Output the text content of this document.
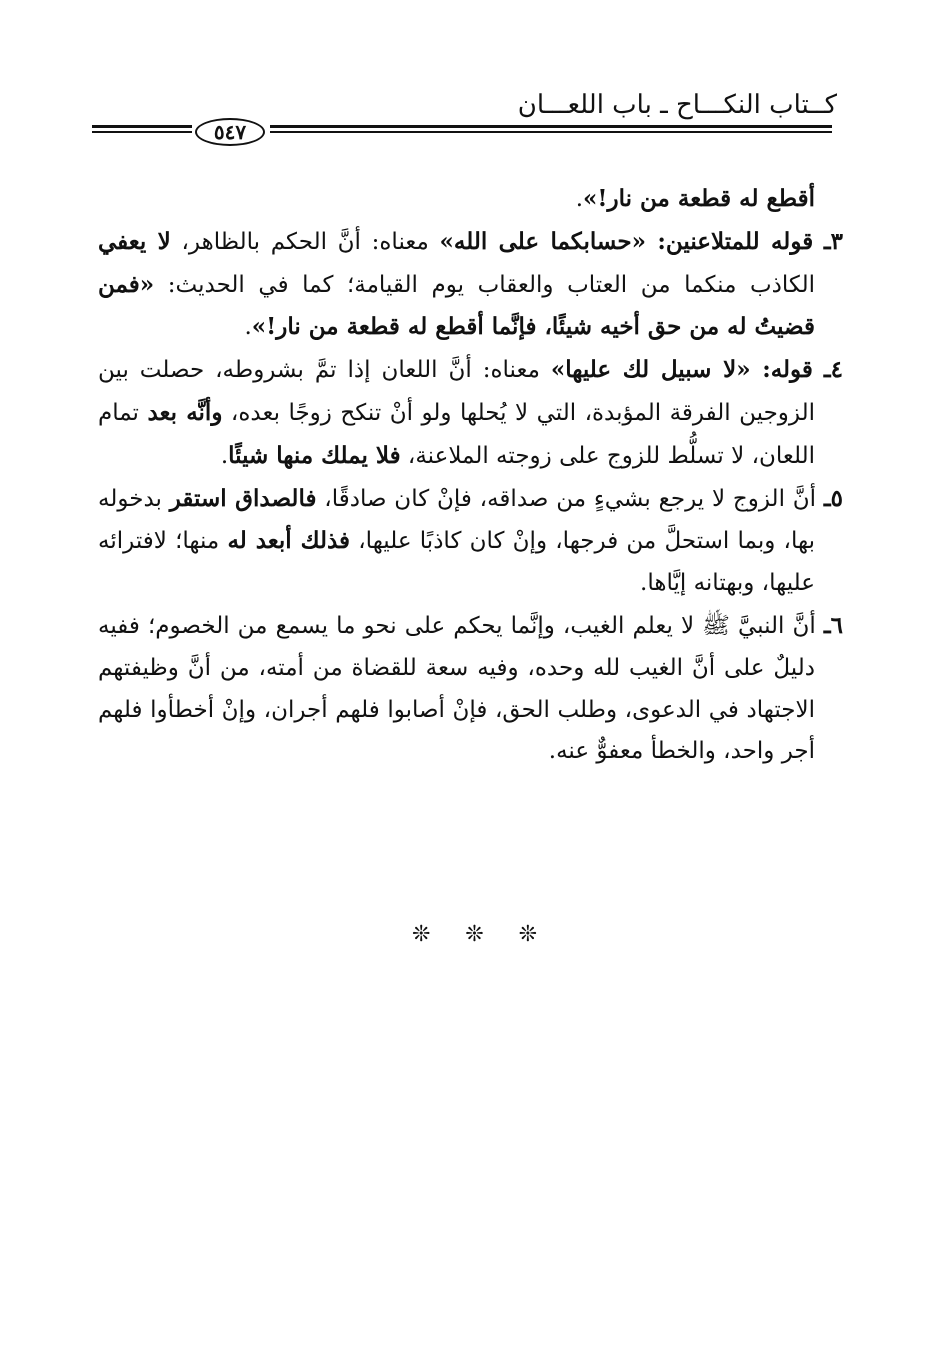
كــتاب النكـــاح ـ باب اللعـــان
٥٤٧

أقطع له قطعة من نار!».

٣ـ قوله للمتلاعنين: «حسابكما على الله» معناه: أنَّ الحكم بالظاهر، لا يعفي الكاذب منكما من العتاب والعقاب يوم القيامة؛ كما في الحديث: «فمن قضيتُ له من حق أخيه شيئًا، فإنَّما أقطع له قطعة من نار!».

٤ـ قوله: «لا سبيل لك عليها» معناه: أنَّ اللعان إذا تمَّ بشروطه، حصلت بين الزوجين الفرقة المؤبدة، التي لا يُحلها ولو أنْ تنكح زوجًا بعده، وأنَّه بعد تمام اللعان، لا تسلُّط للزوج على زوجته الملاعنة، فلا يملك منها شيئًا.

٥ـ أنَّ الزوج لا يرجع بشيءٍ من صداقه، فإنْ كان صادقًا، فالصداق استقر بدخوله بها، وبما استحلَّ من فرجها، وإنْ كان كاذبًا عليها، فذلك أبعد له منها؛ لافترائه عليها، وبهتانه إيَّاها.

٦ـ أنَّ النبيَّ ﷺ لا يعلم الغيب، وإنَّما يحكم على نحو ما يسمع من الخصوم؛ ففيه دليلٌ على أنَّ الغيب لله وحده، وفيه سعة للقضاة من أمته، من أنَّ وظيفتهم الاجتهاد في الدعوى، وطلب الحق، فإنْ أصابوا فلهم أجران، وإنْ أخطأوا فلهم أجر واحد، والخطأ معفوٌّ عنه.

❊ ❊ ❊
